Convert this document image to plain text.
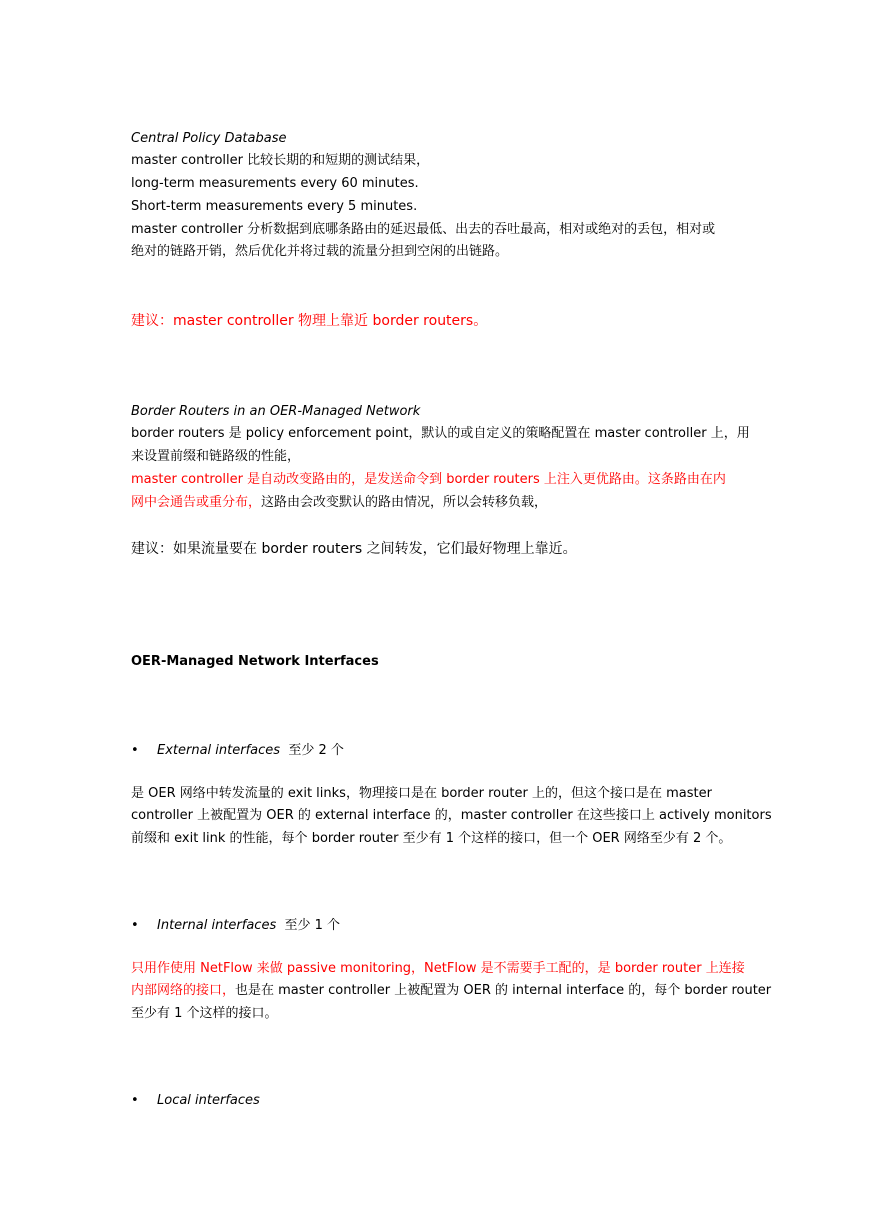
Central Policy Database
master controller 比较长期的和短期的测试结果，
long-term measurements every 60 minutes.
Short-term measurements every 5 minutes.
master controller 分析数据到底哪条路由的延迟最低、出去的吞吐最高，相对或绝对的丢包，相对或
绝对的链路开销，然后优化并将过载的流量分担到空闲的出链路。
建议：master controller 物理上靠近 border routers。
Border Routers in an OER-Managed Network
border routers 是 policy enforcement point，默认的或自定义的策略配置在 master controller 上，用
来设置前缀和链路级的性能，
master controller 是自动改变路由的，是发送命令到 border routers 上注入更优路由。这条路由在内
网中会通告或重分布，这路由会改变默认的路由情况，所以会转移负载，
建议：如果流量要在 border routers 之间转发，它们最好物理上靠近。
OER-Managed Network Interfaces
• External interfaces 至少 2 个
是 OER 网络中转发流量的 exit links，物理接口是在 border router 上的，但这个接口是在 master
controller 上被配置为 OER 的 external interface 的，master controller 在这些接口上 actively monitors
前缀和 exit link 的性能，每个 border router 至少有 1 个这样的接口，但一个 OER 网络至少有 2 个。
• Internal interfaces 至少 1 个
只用作使用 NetFlow 来做 passive monitoring，NetFlow 是不需要手工配的，是 border router 上连接
内部网络的接口，也是在 master controller 上被配置为 OER 的 internal interface 的，每个 border router
至少有 1 个这样的接口。
• Local interfaces
